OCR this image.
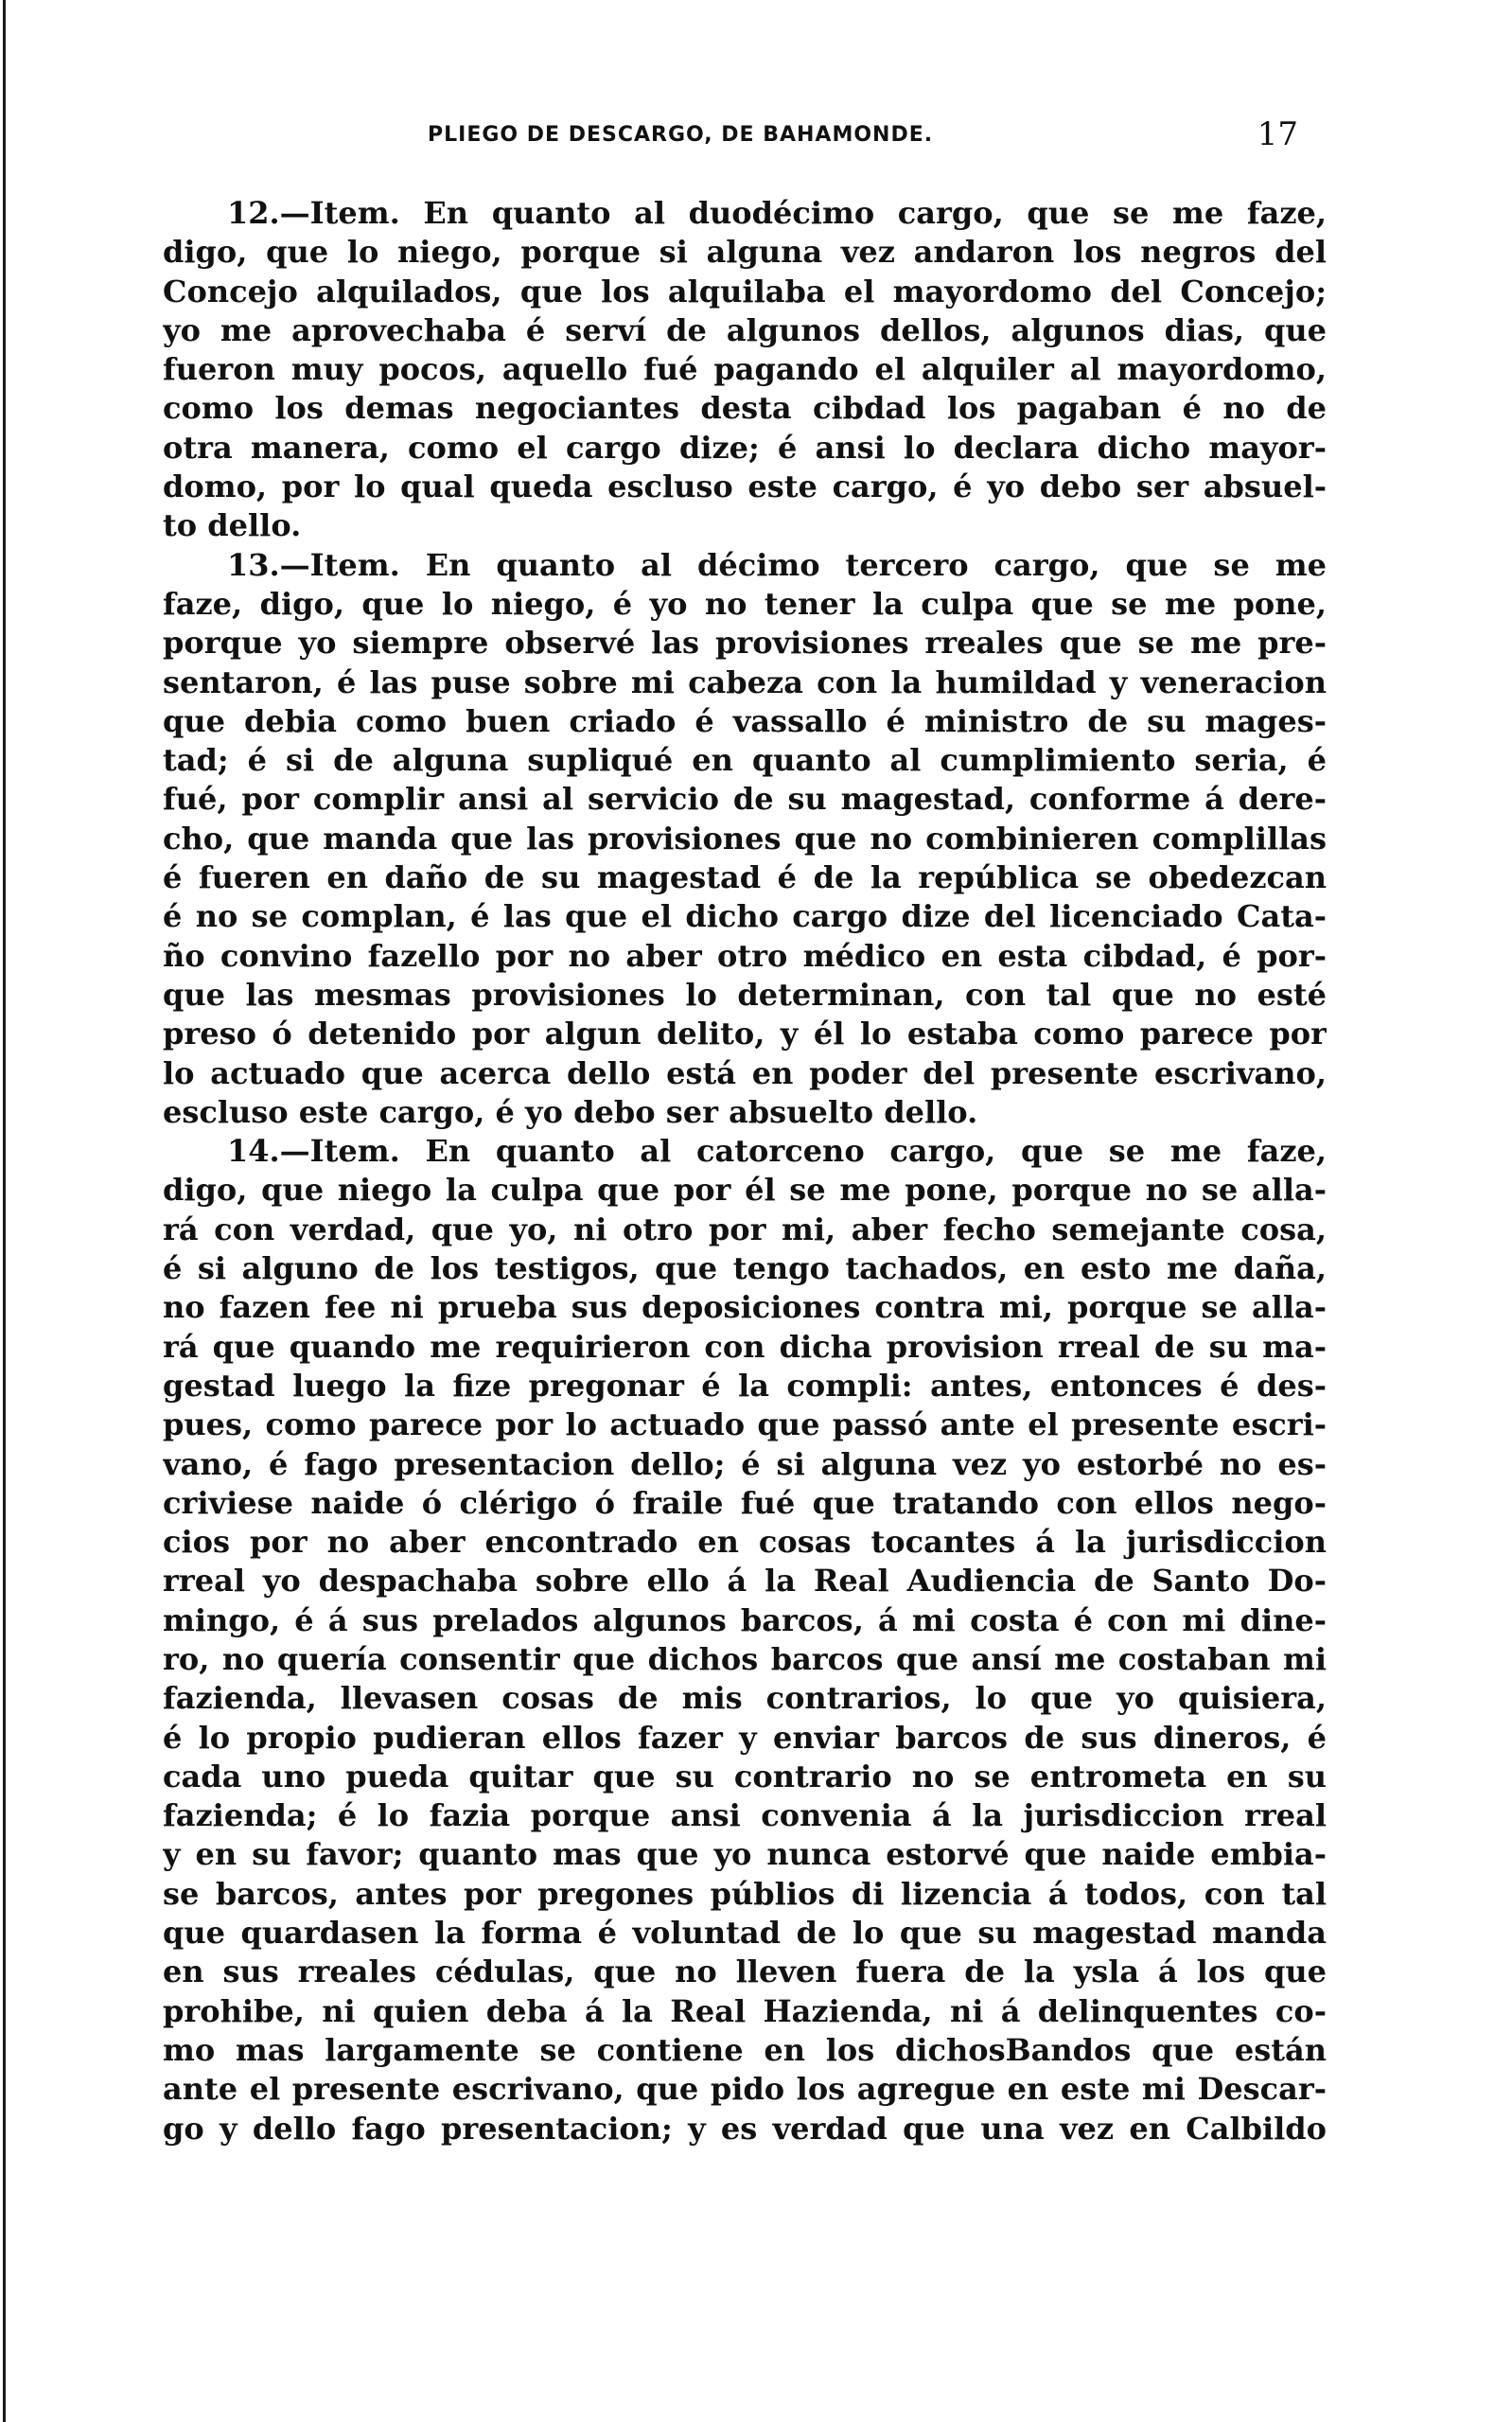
PLIEGO DE DESCARGO, DE BAHAMONDE.	17
12.—Item. En quanto al duodécimo cargo, que se me faze,
digo, que lo niego, porque si alguna vez andaron los negros del
Concejo alquilados, que los alquilaba el mayordomo del Concejo;
yo me aprovechaba é serví de algunos dellos, algunos dias, que
fueron muy pocos, aquello fué pagando el alquiler al mayordomo,
como los demas negociantes desta cibdad los pagaban é no de
otra manera, como el cargo dize; é ansi lo declara dicho mayor-
domo, por lo qual queda escluso este cargo, é yo debo ser absuel-
to dello.
13.—Item. En quanto al décimo tercero cargo, que se me
faze, digo, que lo niego, é yo no tener la culpa que se me pone,
porque yo siempre observé las provisiones rreales que se me pre-
sentaron, é las puse sobre mi cabeza con la humildad y veneracion
que debia como buen criado é vassallo é ministro de su mages-
tad; é si de alguna supliqué en quanto al cumplimiento seria, é
fué, por complir ansi al servicio de su magestad, conforme á dere-
cho, que manda que las provisiones que no combinieren complillas
é fueren en daño de su magestad é de la república se obedezcan
é no se complan, é las que el dicho cargo dize del licenciado Cata-
ño convino fazello por no aber otro médico en esta cibdad, é por-
que las mesmas provisiones lo determinan, con tal que no esté
preso ó detenido por algun delito, y él lo estaba como parece por
lo actuado que acerca dello está en poder del presente escrivano,
escluso este cargo, é yo debo ser absuelto dello.
14.—Item. En quanto al catorceno cargo, que se me faze,
digo, que niego la culpa que por él se me pone, porque no se alla-
rá con verdad, que yo, ni otro por mi, aber fecho semejante cosa,
é si alguno de los testigos, que tengo tachados, en esto me daña,
no fazen fee ni prueba sus deposiciones contra mi, porque se alla-
rá que quando me requirieron con dicha provision rreal de su ma-
gestad luego la fize pregonar é la compli: antes, entonces é des-
pues, como parece por lo actuado que passó ante el presente escri-
vano, é fago presentacion dello; é si alguna vez yo estorbé no es-
criviese naide ó clérigo ó fraile fué que tratando con ellos nego-
cios por no aber encontrado en cosas tocantes á la jurisdiccion
rreal yo despachaba sobre ello á la Real Audiencia de Santo Do-
mingo, é á sus prelados algunos barcos, á mi costa é con mi dine-
ro, no quería consentir que dichos barcos que ansí me costaban mi
fazienda, llevasen cosas de mis contrarios, lo que yo quisiera,
é lo propio pudieran ellos fazer y enviar barcos de sus dineros, é
cada uno pueda quitar que su contrario no se entrometa en su
fazienda; é lo fazia porque ansi convenia á la jurisdiccion rreal
y en su favor; quanto mas que yo nunca estorvé que naide embia-
se barcos, antes por pregones públios di lizencia á todos, con tal
que quardasen la forma é voluntad de lo que su magestad manda
en sus rreales cédulas, que no lleven fuera de la ysla á los que
prohibe, ni quien deba á la Real Hazienda, ni á delinquentes co-
mo mas largamente se contiene en los dichosBandos que están
ante el presente escrivano, que pido los agregue en este mi Descar-
go y dello fago presentacion; y es verdad que una vez en Calbildo
